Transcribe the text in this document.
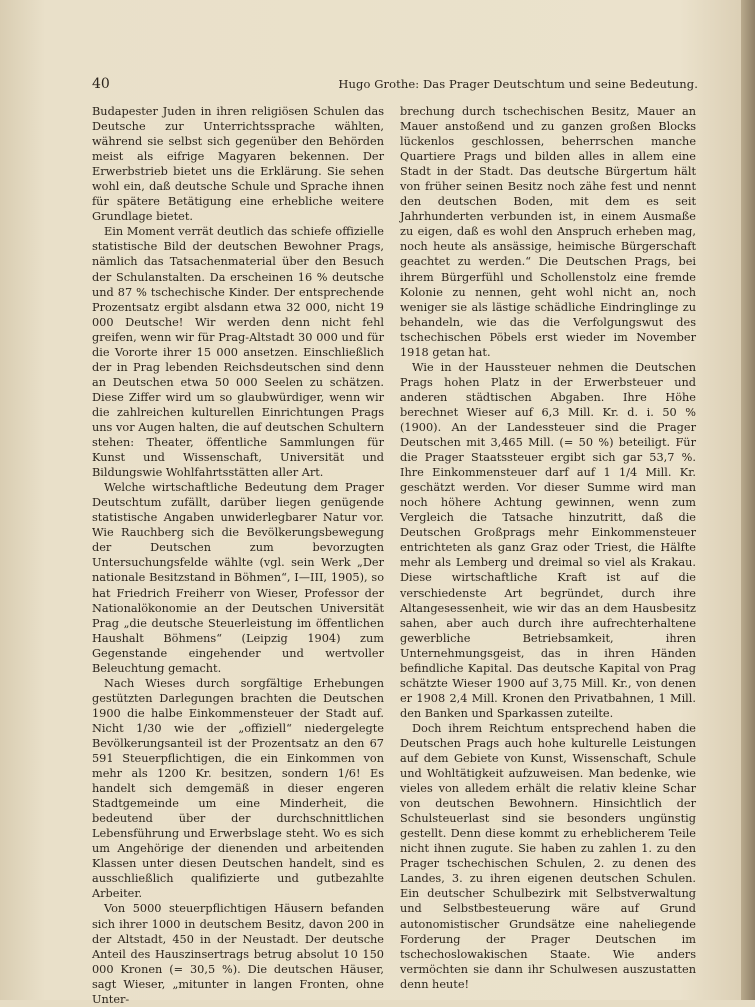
40	Hugo Grothe: Das Prager Deutschtum und seine Bedeutung.

Budapester Juden in ihren religiösen Schulen das Deutsche zur Unterrichtssprache wählten, während sie selbst sich gegenüber den Behörden meist als eifrige Magyaren bekennen. Der Erwerbstrieb bietet uns die Erklärung. Sie sehen wohl ein, daß deutsche Schule und Sprache ihnen für spätere Betätigung eine erhebliche weitere Grundlage bietet.

Ein Moment verrät deutlich das schiefe offizielle statistische Bild der deutschen Bewohner Prags, nämlich das Tatsachenmaterial über den Besuch der Schulanstalten. Da erscheinen 16 % deutsche und 87 % tschechische Kinder. Der entsprechende Prozentsatz ergibt alsdann etwa 32 000, nicht 19 000 Deutsche! Wir werden denn nicht fehl greifen, wenn wir für Prag-Altstadt 30 000 und für die Vororte ihrer 15 000 ansetzen. Einschließlich der in Prag lebenden Reichsdeutschen sind denn an Deutschen etwa 50 000 Seelen zu schätzen. Diese Ziffer wird um so glaubwürdiger, wenn wir die zahlreichen kulturellen Einrichtungen Prags uns vor Augen halten, die auf deutschen Schultern stehen: Theater, öffentliche Sammlungen für Kunst und Wissenschaft, Universität und Bildungswie Wohlfahrtsstätten aller Art.

Welche wirtschaftliche Bedeutung dem Prager Deutschtum zufällt, darüber liegen genügende statistische Angaben unwiderlegbarer Natur vor. Wie Rauchberg sich die Bevölkerungsbewegung der Deutschen zum bevorzugten Untersuchungsfelde wählte (vgl. sein Werk „Der nationale Besitzstand in Böhmen“, I—III, 1905), so hat Friedrich Freiherr von Wieser, Professor der Nationalökonomie an der Deutschen Universität Prag „die deutsche Steuerleistung im öffentlichen Haushalt Böhmens“ (Leipzig 1904) zum Gegenstande eingehender und wertvoller Beleuchtung gemacht.

Nach Wieses durch sorgfältige Erhebungen gestützten Darlegungen brachten die Deutschen 1900 die halbe Einkommensteuer der Stadt auf. Nicht 1/30 wie der „offiziell“ niedergelegte Bevölkerungsanteil ist der Prozentsatz an den 67 591 Steuerpflichtigen, die ein Einkommen von mehr als 1200 Kr. besitzen, sondern 1/6! Es handelt sich demgemäß in dieser engeren Stadtgemeinde um eine Minderheit, die bedeutend über der durchschnittlichen Lebensführung und Erwerbslage steht. Wo es sich um Angehörige der dienenden und arbeitenden Klassen unter diesen Deutschen handelt, sind es ausschließlich qualifizierte und gutbezahlte Arbeiter.

Von 5000 steuerpflichtigen Häusern befanden sich ihrer 1000 in deutschem Besitz, davon 200 in der Altstadt, 450 in der Neustadt. Der deutsche Anteil des Hauszinsertrags betrug absolut 10 150 000 Kronen (= 30,5 %). Die deutschen Häuser, sagt Wieser, „mitunter in langen Fronten, ohne Unter-

brechung durch tschechischen Besitz, Mauer an Mauer anstoßend und zu ganzen großen Blocks lückenlos geschlossen, beherrschen manche Quartiere Prags und bilden alles in allem eine Stadt in der Stadt. Das deutsche Bürgertum hält von früher seinen Besitz noch zähe fest und nennt den deutschen Boden, mit dem es seit Jahrhunderten verbunden ist, in einem Ausmaße zu eigen, daß es wohl den Anspruch erheben mag, noch heute als ansässige, heimische Bürgerschaft geachtet zu werden.“ Die Deutschen Prags, bei ihrem Bürgerfühl und Schollenstolz eine fremde Kolonie zu nennen, geht wohl nicht an, noch weniger sie als lästige schädliche Eindringlinge zu behandeln, wie das die Verfolgungswut des tschechischen Pöbels erst wieder im November 1918 getan hat.

Wie in der Haussteuer nehmen die Deutschen Prags hohen Platz in der Erwerbsteuer und anderen städtischen Abgaben. Ihre Höhe berechnet Wieser auf 6,3 Mill. Kr. d. i. 50 % (1900). An der Landessteuer sind die Prager Deutschen mit 3,465 Mill. (= 50 %) beteiligt. Für die Prager Staatssteuer ergibt sich gar 53,7 %. Ihre Einkommensteuer darf auf 1 1/4 Mill. Kr. geschätzt werden. Vor dieser Summe wird man noch höhere Achtung gewinnen, wenn zum Vergleich die Tatsache hinzutritt, daß die Deutschen Großprags mehr Einkommensteuer entrichteten als ganz Graz oder Triest, die Hälfte mehr als Lemberg und dreimal so viel als Krakau. Diese wirtschaftliche Kraft ist auf die verschiedenste Art begründet, durch ihre Altangesessenheit, wie wir das an dem Hausbesitz sahen, aber auch durch ihre aufrechterhaltene gewerbliche Betriebsamkeit, ihren Unternehmungsgeist, das in ihren Händen befindliche Kapital. Das deutsche Kapital von Prag schätzte Wieser 1900 auf 3,75 Mill. Kr., von denen er 1908 2,4 Mill. Kronen den Privatbahnen, 1 Mill. den Banken und Sparkassen zuteilte.

Doch ihrem Reichtum entsprechend haben die Deutschen Prags auch hohe kulturelle Leistungen auf dem Gebiete von Kunst, Wissenschaft, Schule und Wohltätigkeit aufzuweisen. Man bedenke, wie vieles von alledem erhält die relativ kleine Schar von deutschen Bewohnern. Hinsichtlich der Schulsteuerlast sind sie besonders ungünstig gestellt. Denn diese kommt zu erheblicherem Teile nicht ihnen zugute. Sie haben zu zahlen 1. zu den Prager tschechischen Schulen, 2. zu denen des Landes, 3. zu ihren eigenen deutschen Schulen. Ein deutscher Schulbezirk mit Selbstverwaltung und Selbstbesteuerung wäre auf Grund autonomistischer Grundsätze eine naheliegende Forderung der Prager Deutschen im tschechoslowakischen Staate. Wie anders vermöchten sie dann ihr Schulwesen auszustatten denn heute!
